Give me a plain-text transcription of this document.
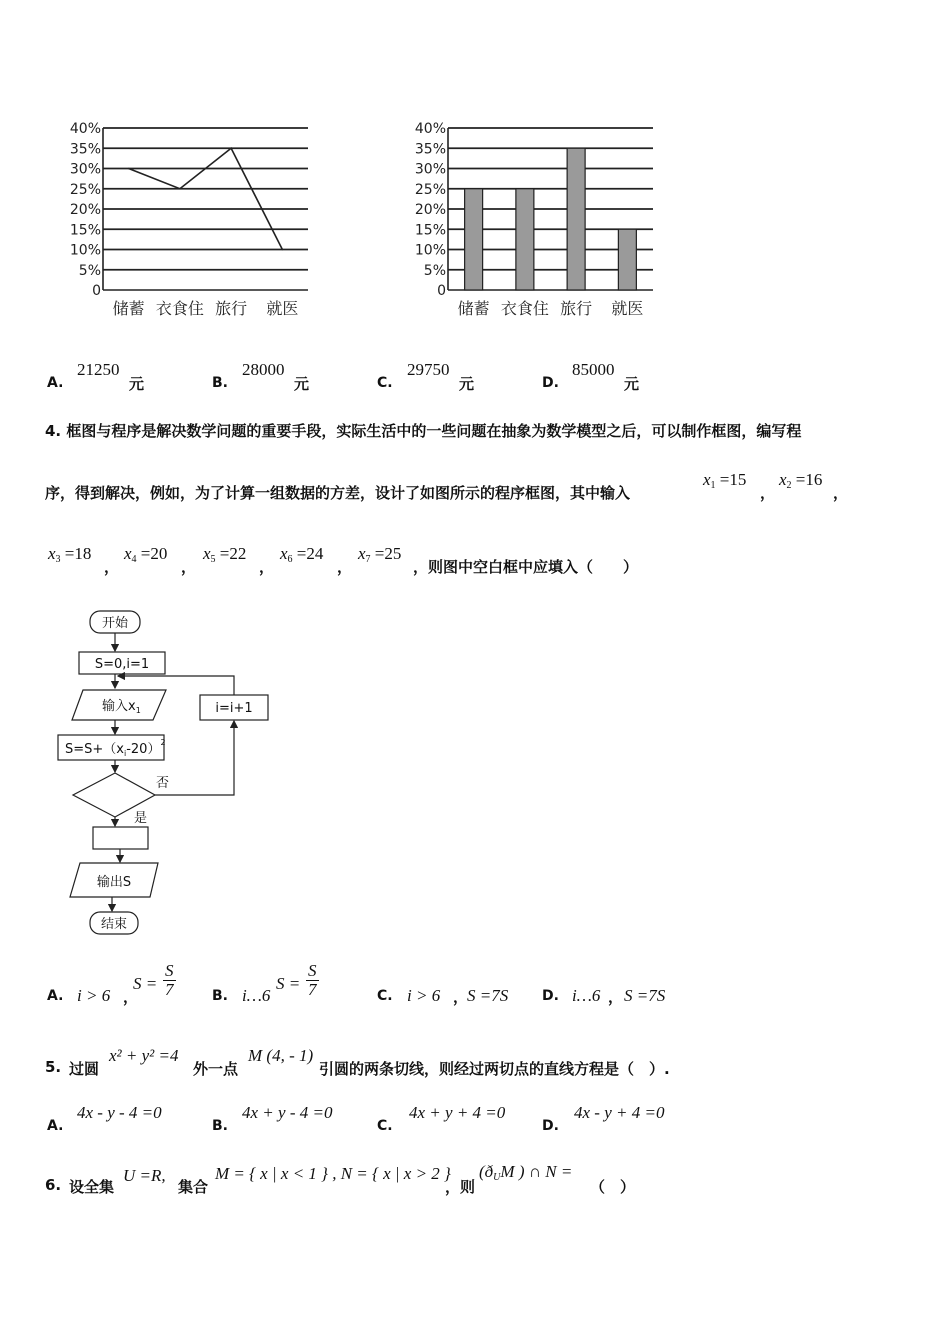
40%
35%
30%
25%
20%
15%
10%
5%
0
储蓄 衣食住 旅行 就医
40%
35%
30%
25%
20%
15%
10%
5%
0
储蓄 衣食住 旅行 就医
A.
21250
元	B.
28000
元	C.
29750
元	D.
85000
元
4. 框图与程序是解决数学问题的重要手段，实际生活中的一些问题在抽象为数学模型之后，可以制作框图，编写程
序，得到解决，例如，为了计算一组数据的方差，设计了如图所示的程序框图，其中输入
$x_1 =15$
，
$x_2 =16$
，
$x_3 =18$
，
$x_4 =20$
，
$x_5 =22$
，
$x_6 =24$
，
$x_7 =25$
，则图中空白框中应填入（　　）
开始
S=0,i=1
输入$x_1$
$S=S+(x_i-20)^2$
i=i+1
否
是
输出S
结束
A. i > 6 ，
$S = \frac{S}{7}$	B. i…6
$S = \frac{S}{7}$	C. i > 6 ，
S =7S D. i…6 ， S =7S
5. 过圆
x² + y² =4
外一点
M (4, - 1)
引圆的两条切线，则经过两切点的直线方程是（　）.
A.
4x - y - 4 =0
B.
4x + y - 4 =0
C.
4x + y + 4 =0
D.
4x - y + 4 =0
6. 设全集
U =R,
集合
M = { x | x < 1 } , N = { x | x > 2 }
，则
($ð_UM$ ) ∩ N =
（　）
